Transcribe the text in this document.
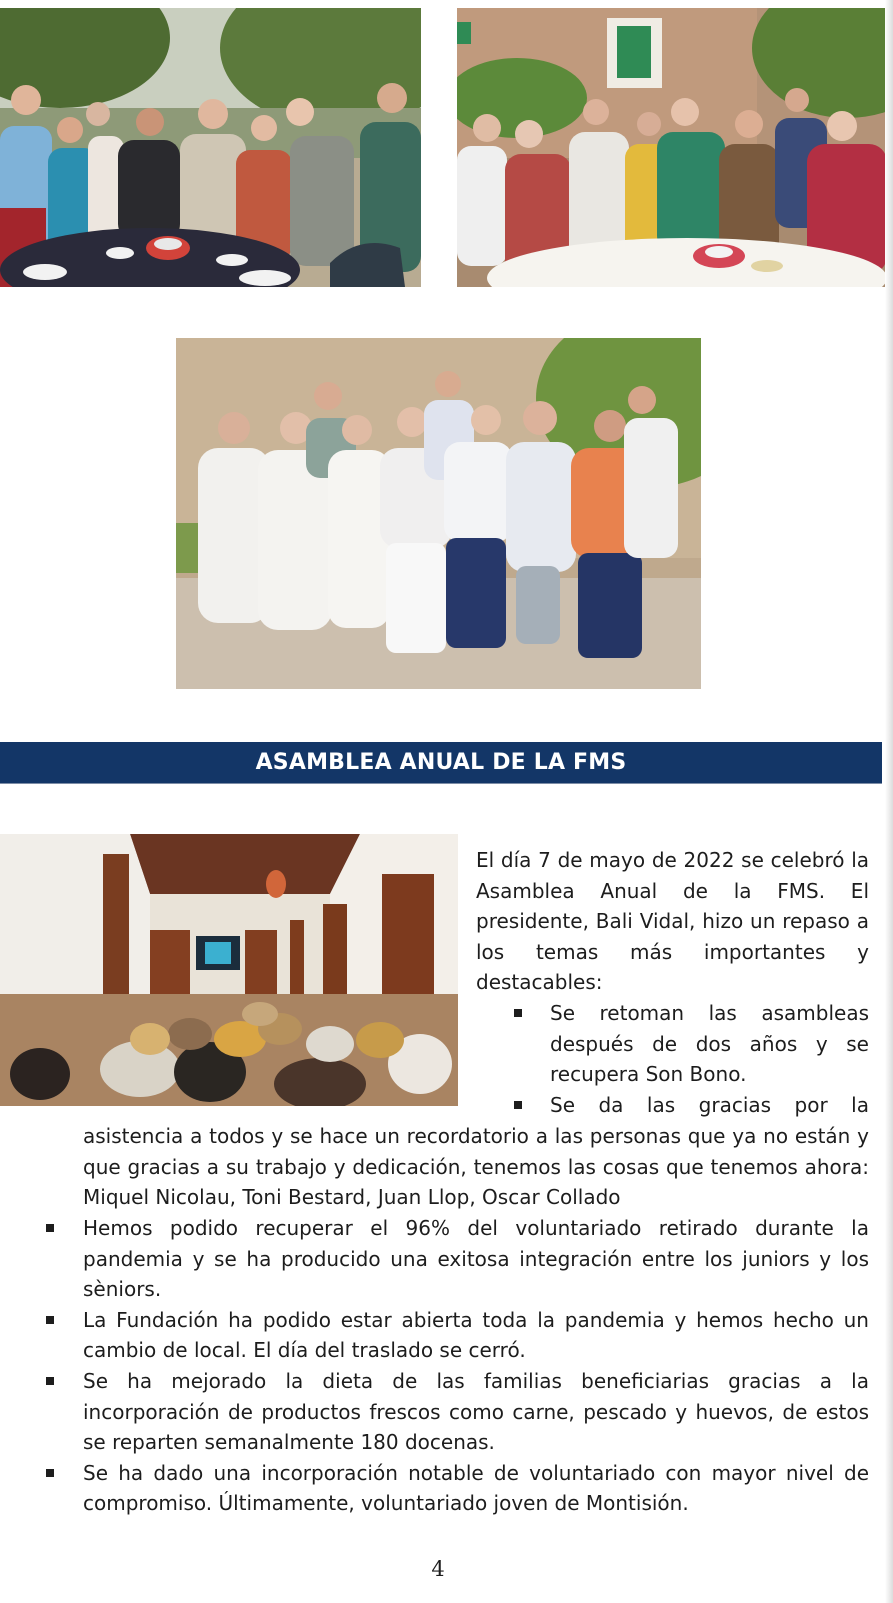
ASAMBLEA ANUAL DE LA FMS
El día 7 de mayo de 2022 se celebró la Asamblea Anual de la FMS. El presidente, Bali Vidal, hizo un repaso a los temas más importantes y destacables:
Se retoman las asambleas después de dos años y se recupera Son Bono.
Se da las gracias por la
asistencia a todos y se hace un recordatorio a las personas que ya no están y que gracias a su trabajo y dedicación, tenemos las cosas que tenemos ahora: Miquel Nicolau, Toni Bestard, Juan Llop, Oscar Collado
Hemos podido recuperar el 96% del voluntariado retirado durante la pandemia y se ha producido una exitosa integración entre los juniors y los sèniors.
La Fundación ha podido estar abierta toda la pandemia y hemos hecho un cambio de local. El día del traslado se cerró.
Se ha mejorado la dieta de las familias beneficiarias gracias a la incorporación de productos frescos como carne, pescado y huevos, de estos se reparten semanalmente 180 docenas.
Se ha dado una incorporación notable de voluntariado con mayor nivel de compromiso. Últimamente, voluntariado joven de Montisión.
4
